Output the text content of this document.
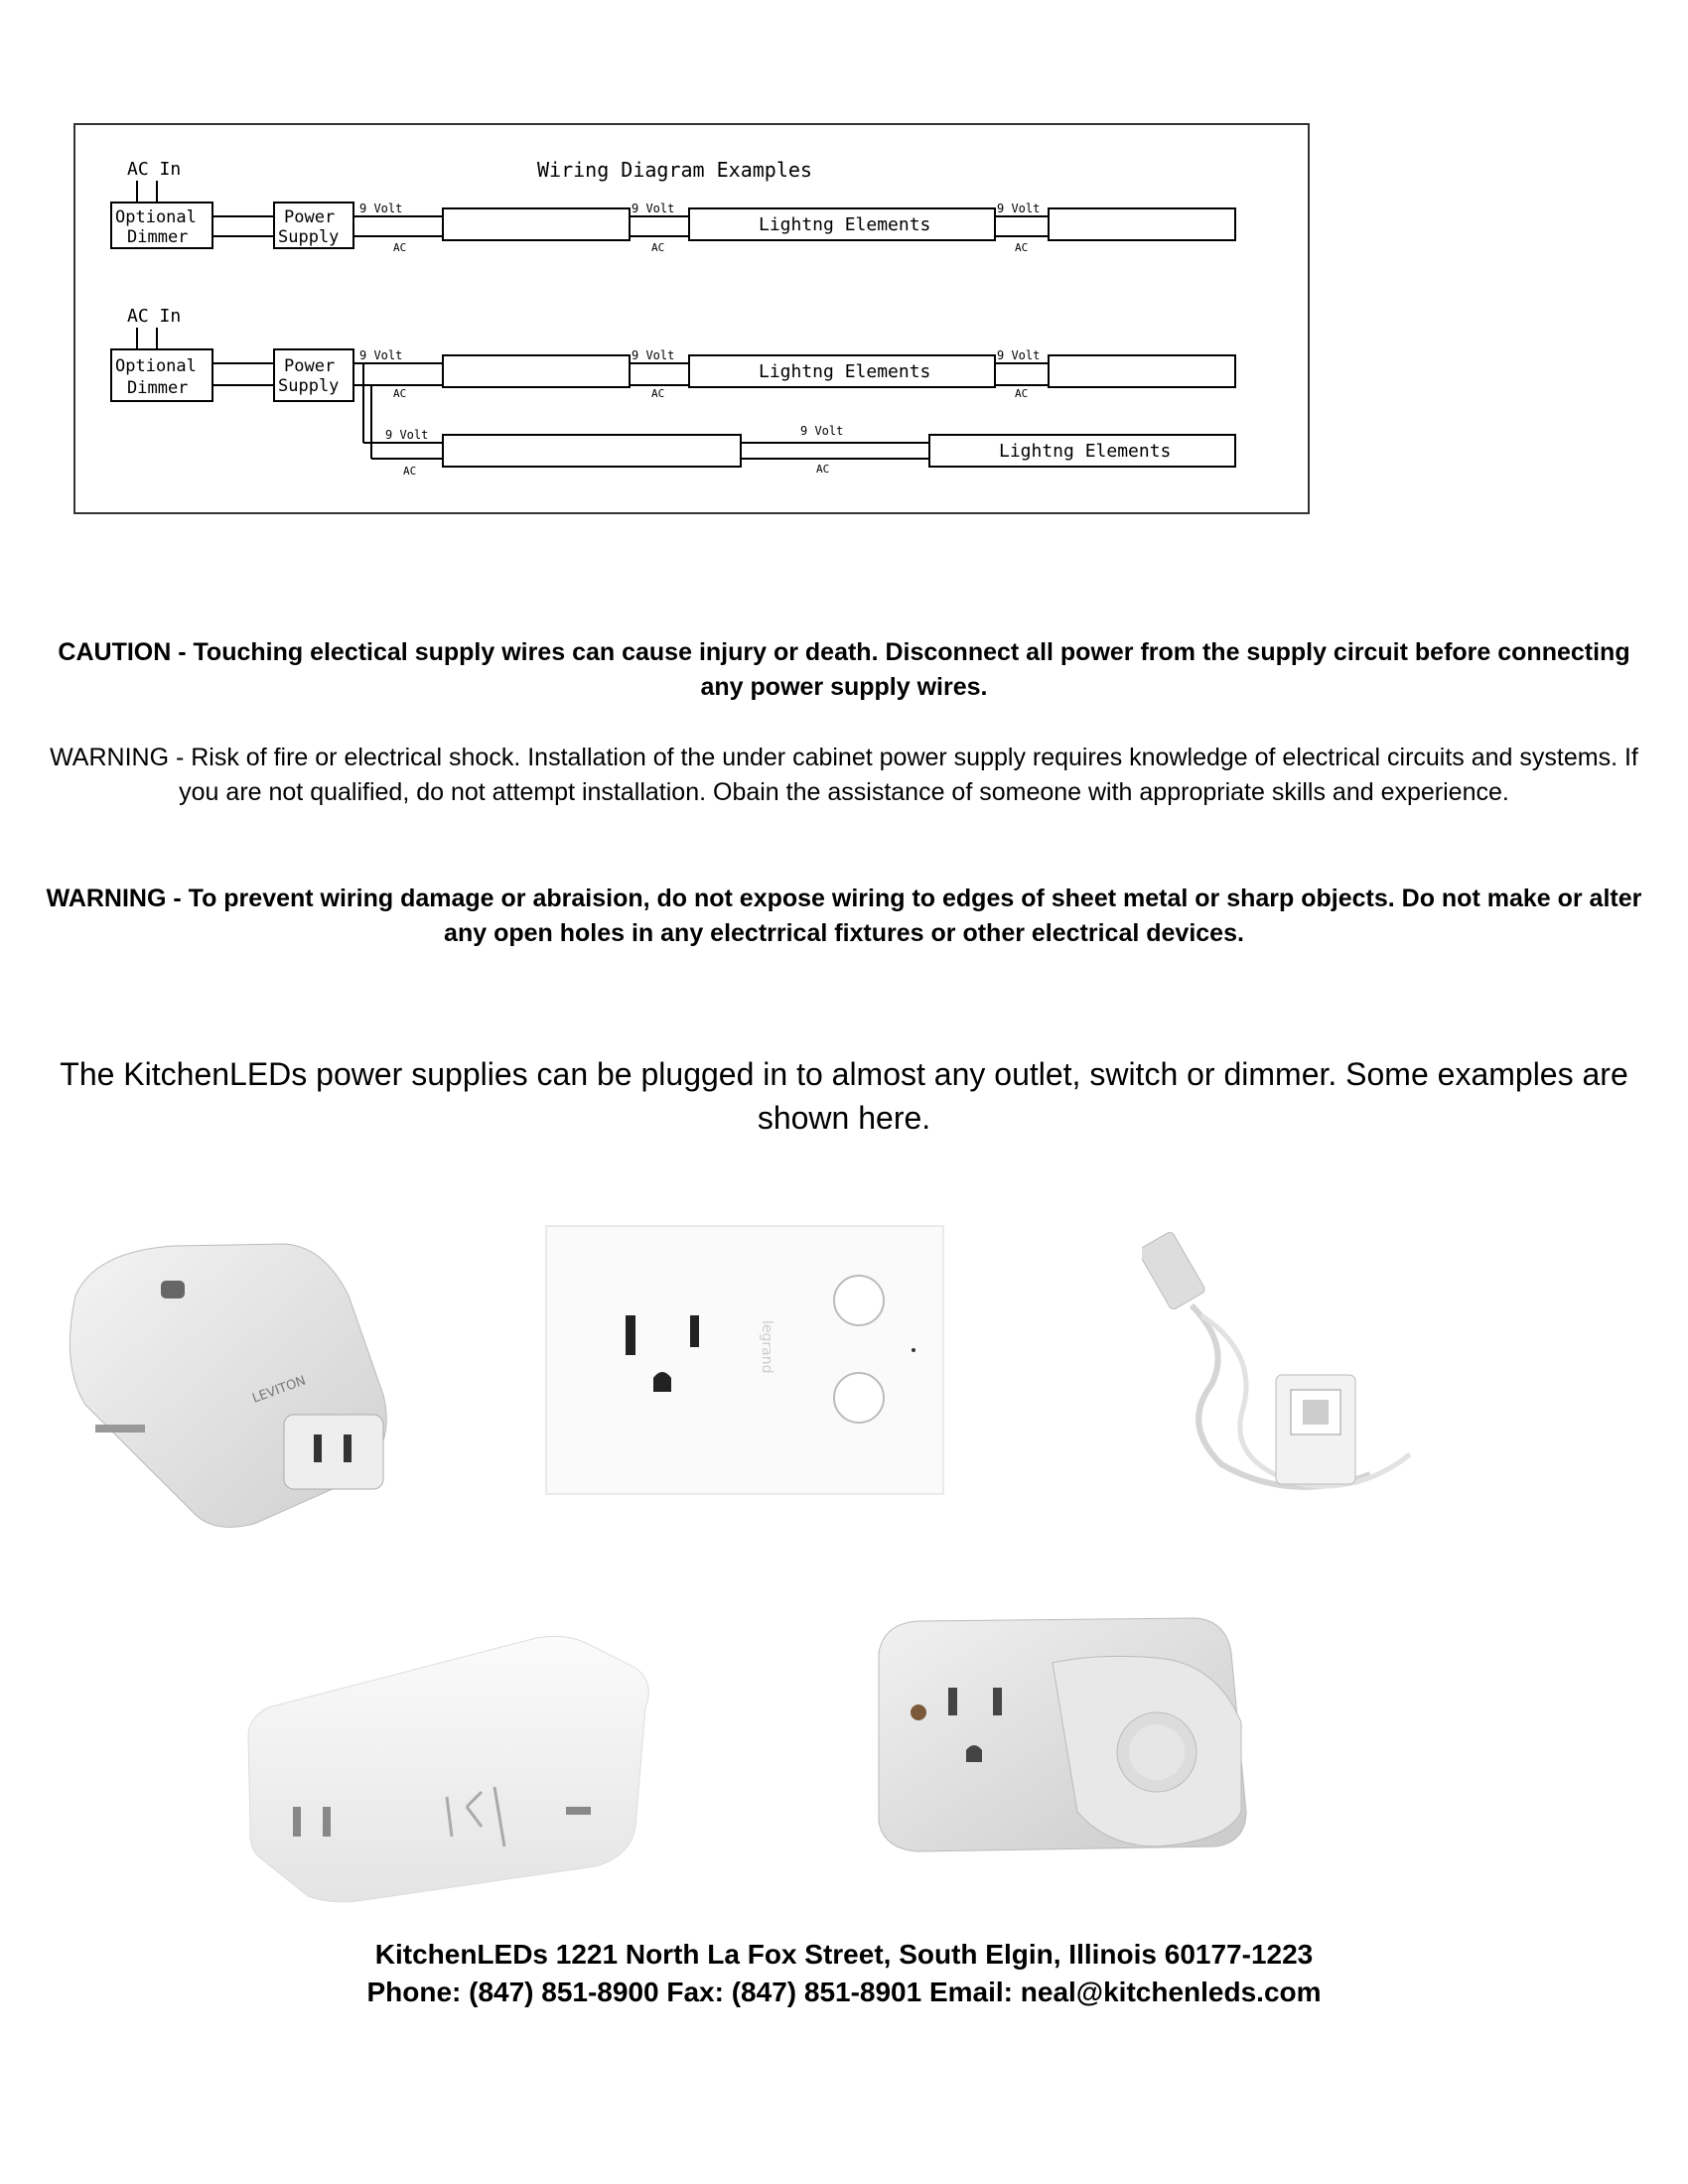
Wiring Diagram Examples
AC In
Optional
Dimmer
Power
Supply
9 Volt
AC
9 Volt
AC
Lightng Elements
9 Volt
AC
AC In
Optional
Dimmer
Power
Supply
9 Volt
AC
9 Volt
AC
Lightng Elements
9 Volt
AC
9 Volt
AC
9 Volt
AC
Lightng Elements
CAUTION - Touching electical supply wires can cause injury or death. Disconnect all power from the supply circuit before connecting any power supply wires.
WARNING - Risk of fire or electrical shock. Installation of the under cabinet power supply requires knowledge of electrical circuits and systems. If you are not qualified, do not attempt installation. Obain the assistance of someone with appropriate skills and experience.
WARNING - To prevent wiring damage or abraision, do not expose wiring to edges of sheet metal or sharp objects. Do not make or alter any open holes in any electrrical fixtures or other electrical devices.
The KitchenLEDs power supplies can be plugged in to almost any outlet, switch or dimmer. Some examples are shown here.
LEVITON
legrand
KitchenLEDs 1221 North La Fox Street, South Elgin, Illinois 60177-1223
Phone: (847) 851-8900 Fax: (847) 851-8901 Email: neal@kitchenleds.com
